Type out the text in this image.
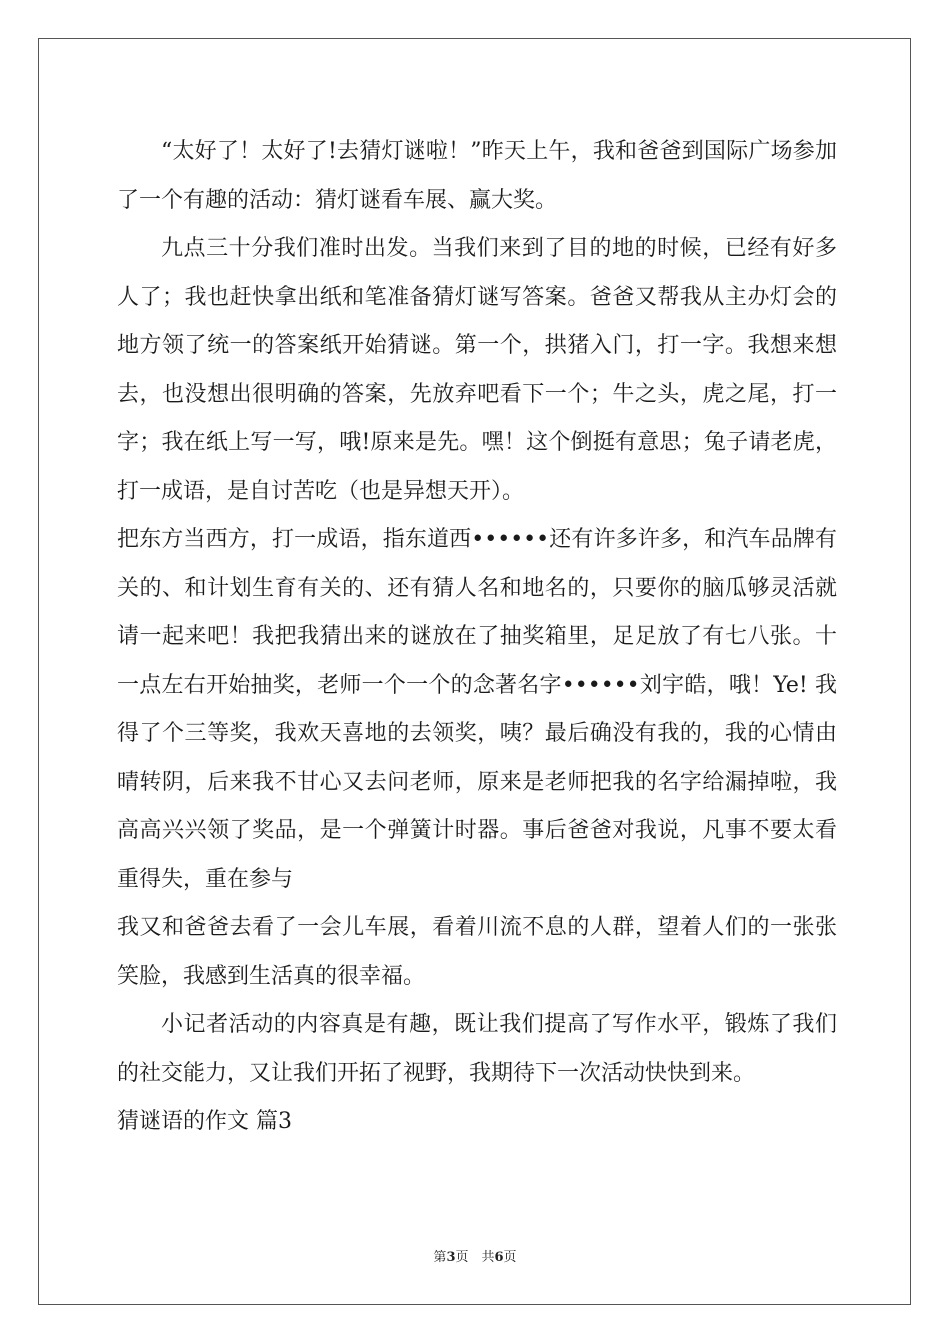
“太好了！太好了!去猜灯谜啦！”昨天上午，我和爸爸到国际广场参加了一个有趣的活动：猜灯谜看车展、赢大奖。

九点三十分我们准时出发。当我们来到了目的地的时候，已经有好多人了；我也赶快拿出纸和笔准备猜灯谜写答案。爸爸又帮我从主办灯会的地方领了统一的答案纸开始猜谜。第一个，拱猪入门，打一字。我想来想去，也没想出很明确的答案，先放弃吧看下一个；牛之头，虎之尾，打一字；我在纸上写一写，哦!原来是先。嘿！这个倒挺有意思；兔子请老虎，打一成语，是自讨苦吃（也是异想天开）。

把东方当西方，打一成语，指东道西••••••还有许多许多，和汽车品牌有关的、和计划生育有关的、还有猜人名和地名的，只要你的脑瓜够灵活就请一起来吧！我把我猜出来的谜放在了抽奖箱里，足足放了有七八张。十一点左右开始抽奖，老师一个一个的念著名字••••••刘宇皓，哦！Ye! 我得了个三等奖，我欢天喜地的去领奖，咦？最后确没有我的，我的心情由晴转阴，后来我不甘心又去问老师，原来是老师把我的名字给漏掉啦，我高高兴兴领了奖品，是一个弹簧计时器。事后爸爸对我说，凡事不要太看重得失，重在参与

我又和爸爸去看了一会儿车展，看着川流不息的人群，望着人们的一张张笑脸，我感到生活真的很幸福。

小记者活动的内容真是有趣，既让我们提高了写作水平，锻炼了我们的社交能力，又让我们开拓了视野，我期待下一次活动快快到来。

猜谜语的作文 篇3

第3页　共6页
